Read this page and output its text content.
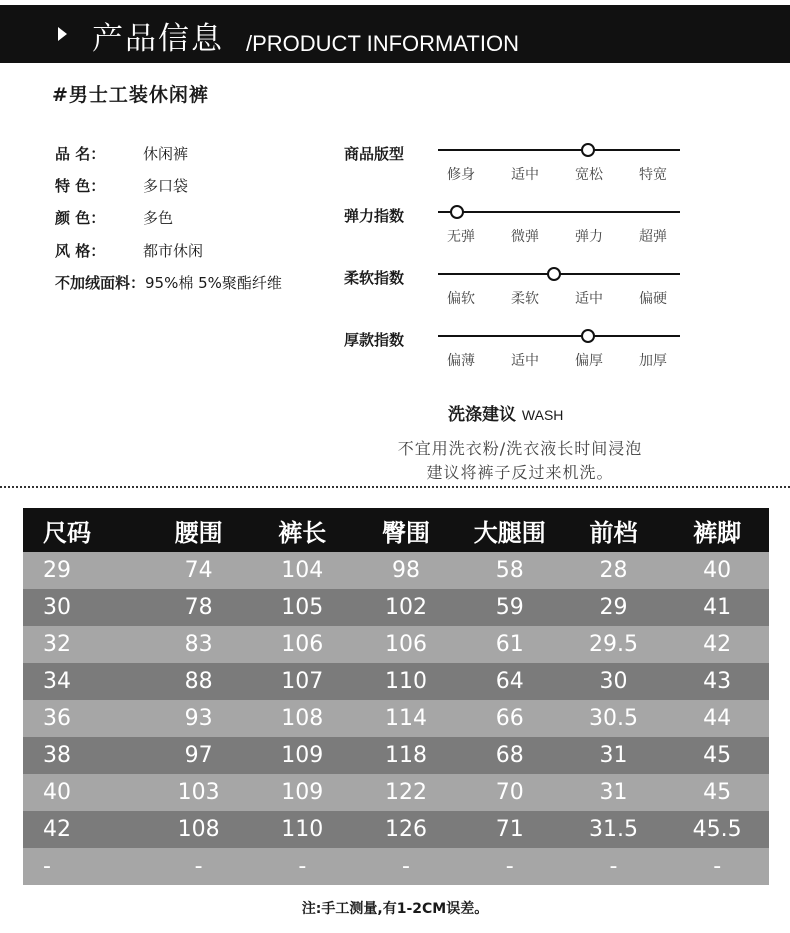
产品信息 /PRODUCT INFORMATION
#男士工装休闲裤
品 名：	休闲裤
特 色：	多口袋
颜 色：	多色
风 格：	都市休闲
不加绒面料：95%棉 5%聚酯纤维
商品版型
修身	适中	宽松	特宽
弹力指数
无弹	微弹	弹力	超弹
柔软指数
偏软	柔软	适中	偏硬
厚款指数
偏薄	适中	偏厚	加厚
洗涤建议 WASH
不宜用洗衣粉/洗衣液长时间浸泡
建议将裤子反过来机洗。
尺码	腰围	裤长	臀围	大腿围	前档	裤脚
29	74	104	98	58	28	40
30	78	105	102	59	29	41
32	83	106	106	61	29.5	42
34	88	107	110	64	30	43
36	93	108	114	66	30.5	44
38	97	109	118	68	31	45
40	103	109	122	70	31	45
42	108	110	126	71	31.5	45.5
-	-	-	-	-	-	-
注:手工测量,有1-2CM误差。
